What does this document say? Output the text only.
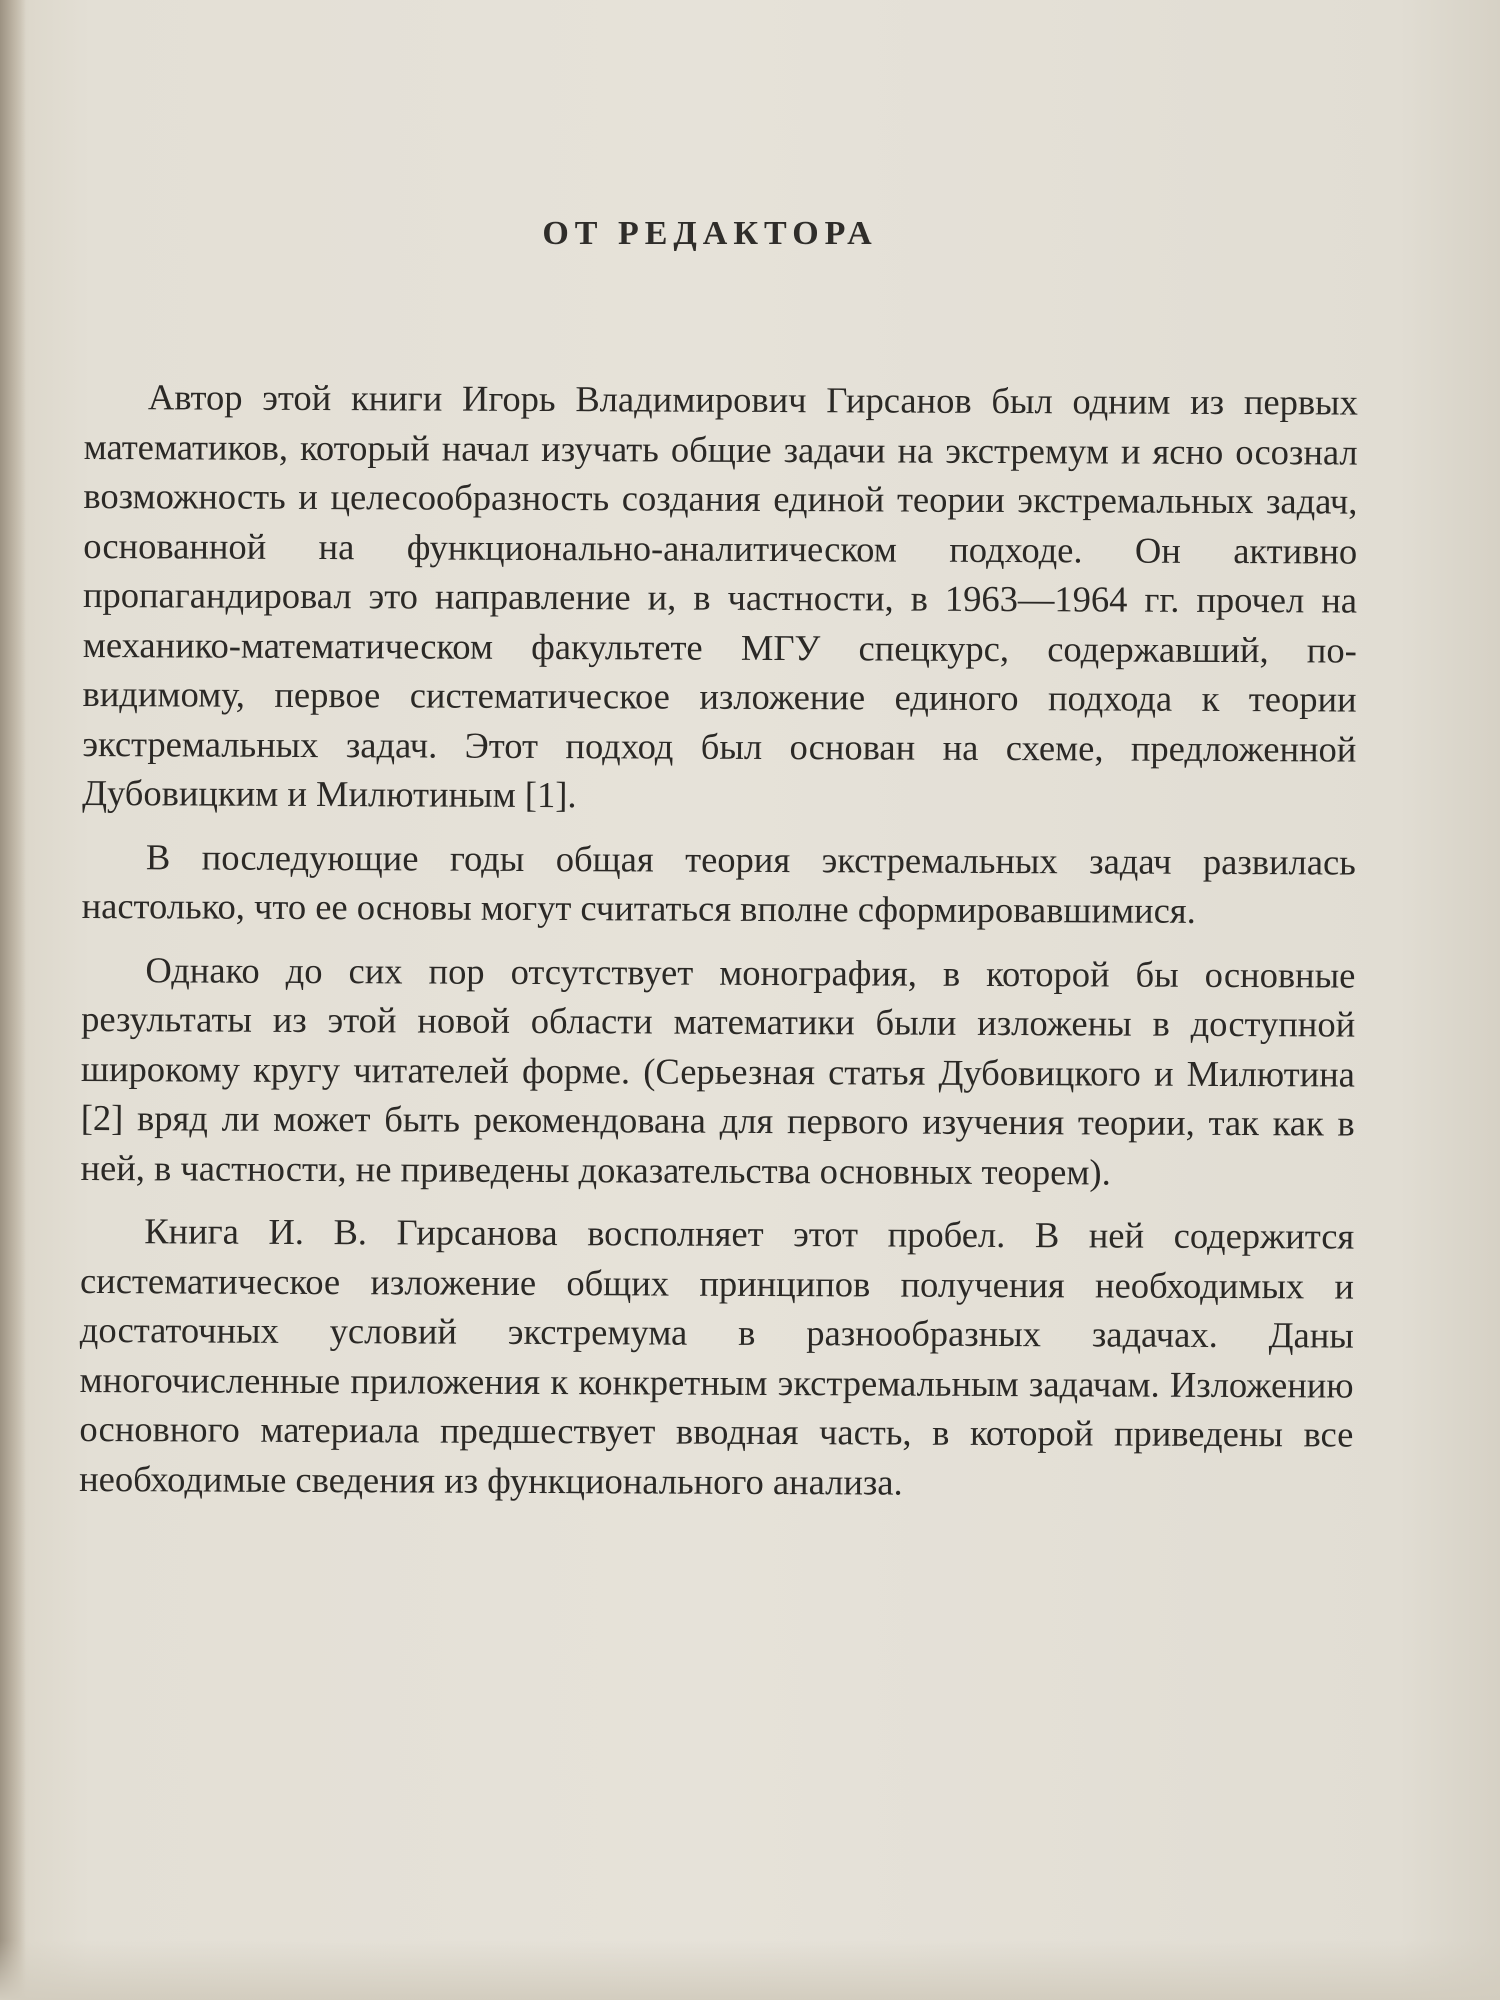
ОТ РЕДАКТОРА

Автор этой книги Игорь Владимирович Гирсанов был одним из первых математиков, который начал изучать общие задачи на экстремум и ясно осознал возможность и целесообразность создания единой теории экстремальных задач, основанной на функционально-аналитическом подходе. Он активно пропагандировал это направление и, в частности, в 1963—1964 гг. прочел на механико-математическом факультете МГУ спецкурс, содержавший, по-видимому, первое систематическое изложение единого подхода к теории экстремальных задач. Этот подход был основан на схеме, предложенной Дубовицким и Милютиным [1].

В последующие годы общая теория экстремальных задач развилась настолько, что ее основы могут считаться вполне сформировавшимися.

Однако до сих пор отсутствует монография, в которой бы основные результаты из этой новой области математики были изложены в доступной широкому кругу читателей форме. (Серьезная статья Дубовицкого и Милютина [2] вряд ли может быть рекомендована для первого изучения теории, так как в ней, в частности, не приведены доказательства основных теорем).

Книга И. В. Гирсанова восполняет этот пробел. В ней содержится систематическое изложение общих принципов получения необходимых и достаточных условий экстремума в разнообразных задачах. Даны многочисленные приложения к конкретным экстремальным задачам. Изложению основного материала предшествует вводная часть, в которой приведены все необходимые сведения из функционального анализа.
